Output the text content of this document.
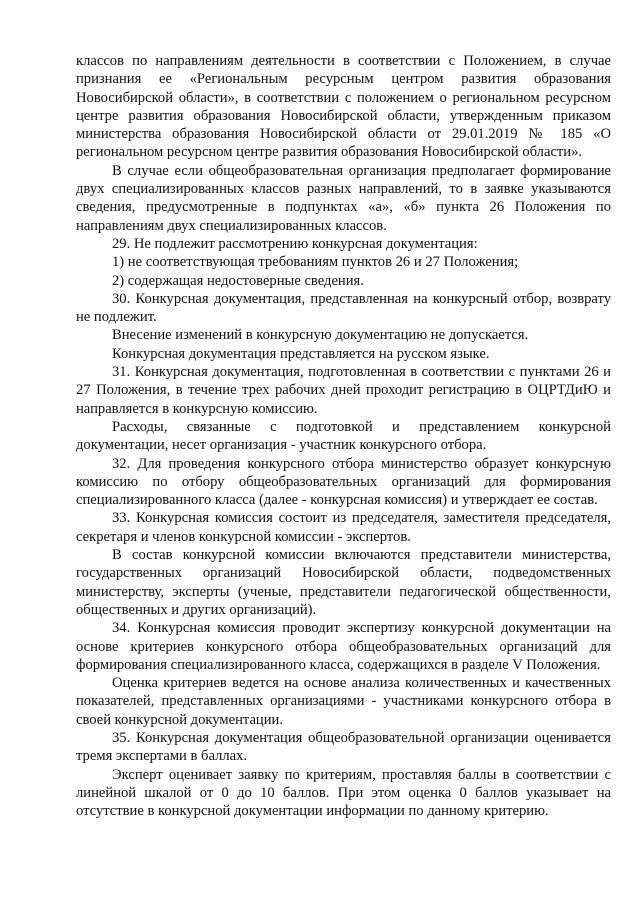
классов по направлениям деятельности в соответствии с Положением, в случае признания ее «Региональным ресурсным центром развития образования Новосибирской области», в соответствии с положением о региональном ресурсном центре развития образования Новосибирской области, утвержденным приказом министерства образования Новосибирской области от 29.01.2019 № 185 «О региональном ресурсном центре развития образования Новосибирской области».

В случае если общеобразовательная организация предполагает формирование двух специализированных классов разных направлений, то в заявке указываются сведения, предусмотренные в подпунктах «а», «б» пункта 26 Положения по направлениям двух специализированных классов.

29. Не подлежит рассмотрению конкурсная документация:

1) не соответствующая требованиям пунктов 26 и 27 Положения;

2) содержащая недостоверные сведения.

30. Конкурсная документация, представленная на конкурсный отбор, возврату не подлежит.

Внесение изменений в конкурсную документацию не допускается.

Конкурсная документация представляется на русском языке.

31. Конкурсная документация, подготовленная в соответствии с пунктами 26 и 27 Положения, в течение трех рабочих дней проходит регистрацию в ОЦРТДиЮ и направляется в конкурсную комиссию.

Расходы, связанные с подготовкой и представлением конкурсной документации, несет организация - участник конкурсного отбора.

32. Для проведения конкурсного отбора министерство образует конкурсную комиссию по отбору общеобразовательных организаций для формирования специализированного класса (далее - конкурсная комиссия) и утверждает ее состав.

33. Конкурсная комиссия состоит из председателя, заместителя председателя, секретаря и членов конкурсной комиссии - экспертов.

В состав конкурсной комиссии включаются представители министерства, государственных организаций Новосибирской области, подведомственных министерству, эксперты (ученые, представители педагогической общественности, общественных и других организаций).

34. Конкурсная комиссия проводит экспертизу конкурсной документации на основе критериев конкурсного отбора общеобразовательных организаций для формирования специализированного класса, содержащихся в разделе V Положения.

Оценка критериев ведется на основе анализа количественных и качественных показателей, представленных организациями - участниками конкурсного отбора в своей конкурсной документации.

35. Конкурсная документация общеобразовательной организации оценивается тремя экспертами в баллах.

Эксперт оценивает заявку по критериям, проставляя баллы в соответствии с линейной шкалой от 0 до 10 баллов. При этом оценка 0 баллов указывает на отсутствие в конкурсной документации информации по данному критерию.
